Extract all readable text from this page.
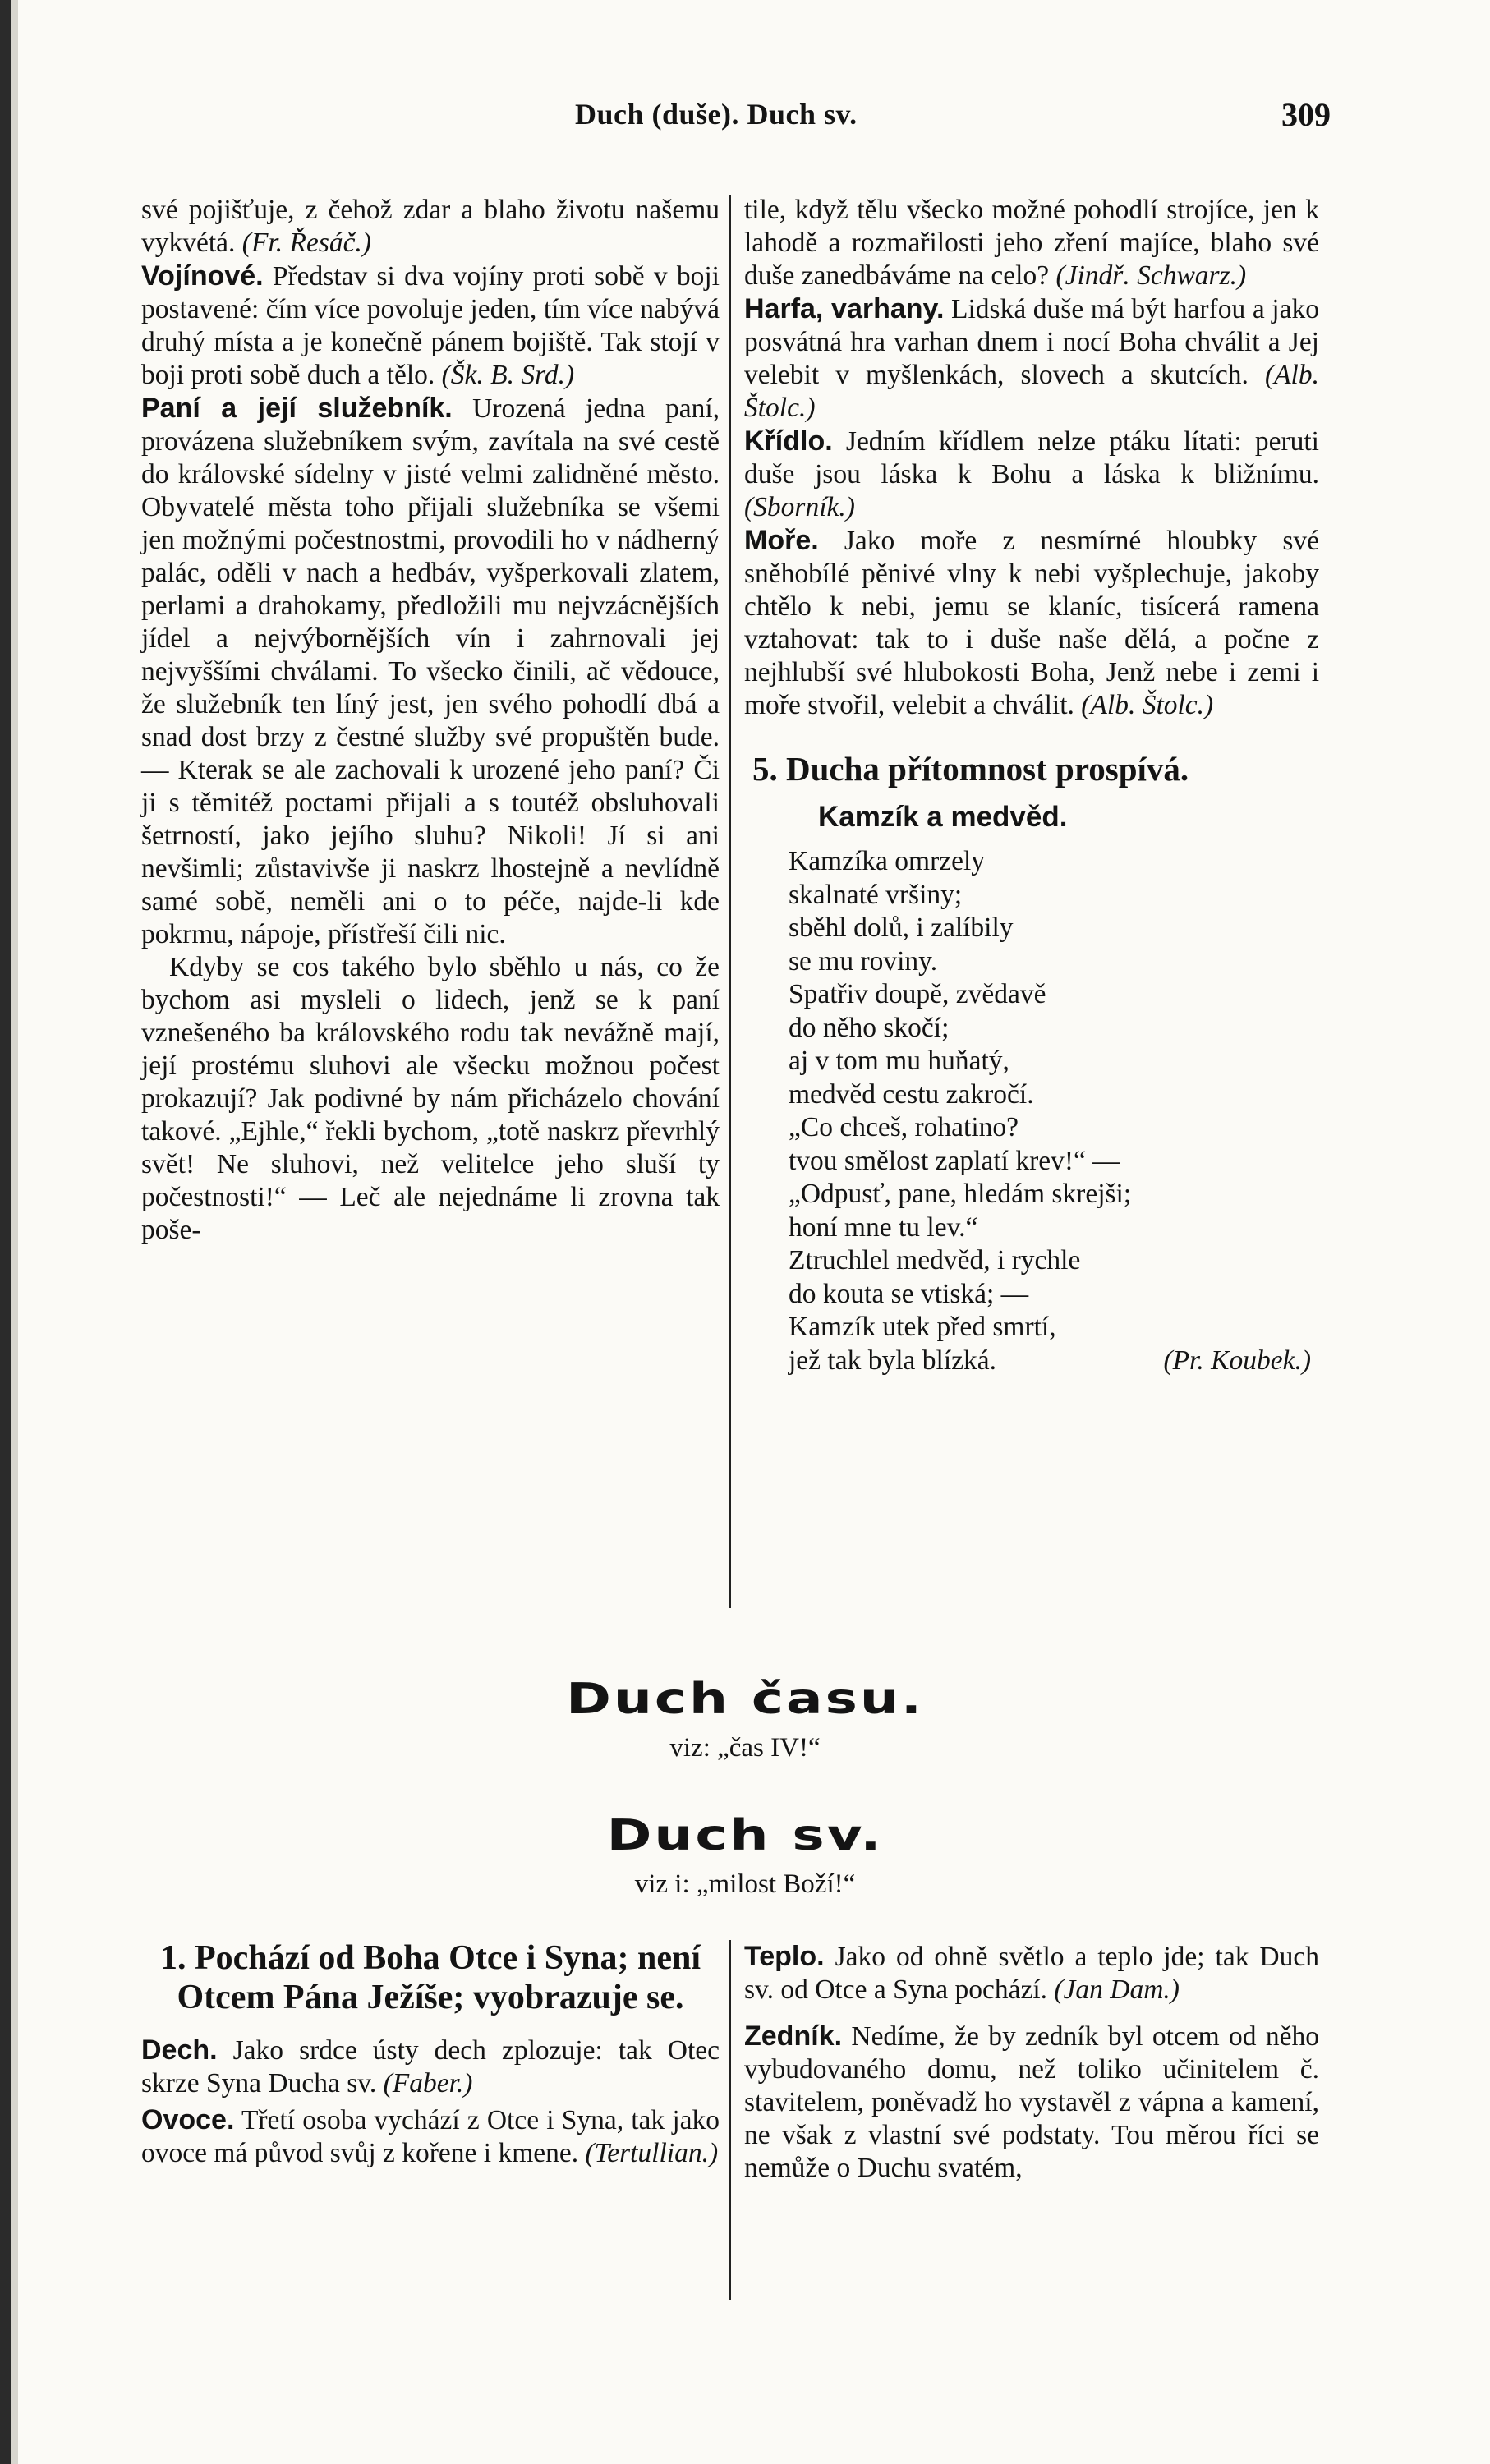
Duch (duše). Duch sv.	309

své pojišťuje, z čehož zdar a blaho životu našemu vykvétá. (Fr. Řesáč.)

Vojínové. Představ si dva vojíny proti sobě v boji postavené: čím více povoluje jeden, tím více nabývá druhý místa a je konečně pánem bojiště. Tak stojí v boji proti sobě duch a tělo. (Šk. B. Srd.)

Paní a její služebník. Urozená jedna paní, provázena služebníkem svým, zavítala na své cestě do královské sídelny v jisté velmi zalidněné město. Obyvatelé města toho přijali služebníka se všemi jen možnými počestnostmi, provodili ho v nádherný palác, oděli v nach a hedbáv, vyšperkovali zlatem, perlami a drahokamy, předložili mu nejvzácnějších jídel a nejvýbornějších vín i zahrnovali jej nejvyššími chválami. To všecko činili, ač vědouce, že služebník ten líný jest, jen svého pohodlí dbá a snad dost brzy z čestné služby své propuštěn bude. — Kterak se ale zachovali k urozené jeho paní? Či ji s těmitéž poctami přijali a s toutéž obsluhovali šetrností, jako jejího sluhu? Nikoli! Jí si ani nevšimli; zůstavivše ji naskrz lhostejně a nevlídně samé sobě, neměli ani o to péče, najde-li kde pokrmu, nápoje, přístřeší čili nic.

Kdyby se cos takého bylo sběhlo u nás, co že bychom asi mysleli o lidech, jenž se k paní vznešeného ba královského rodu tak nevážně mají, její prostému sluhovi ale všecku možnou počest prokazují? Jak podivné by nám přicházelo chování takové. „Ejhle,“ řekli bychom, „totě naskrz převrhlý svět! Ne sluhovi, než velitelce jeho sluší ty počestnosti!“ — Leč ale nejednáme li zrovna tak poše-

tile, když tělu všecko možné pohodlí strojíce, jen k lahodě a rozmařilosti jeho zření majíce, blaho své duše zanedbáváme na celo? (Jindř. Schwarz.)

Harfa, varhany. Lidská duše má být harfou a jako posvátná hra varhan dnem i nocí Boha chválit a Jej velebit v myšlenkách, slovech a skutcích. (Alb. Štolc.)

Křídlo. Jedním křídlem nelze ptáku lítati: peruti duše jsou láska k Bohu a láska k bližnímu. (Sborník.)

Moře. Jako moře z nesmírné hloubky své sněhobílé pěnivé vlny k nebi vyšplechuje, jakoby chtělo k nebi, jemu se klaníc, tisícerá ramena vztahovat: tak to i duše naše dělá, a počne z nejhlubší své hlubokosti Boha, Jenž nebe i zemi i moře stvořil, velebit a chválit. (Alb. Štolc.)

5. Ducha přítomnost prospívá.
Kamzík a medvěd.

Kamzíka omrzely

skalnaté vršiny;

sběhl dolů, i zalíbily

se mu roviny.

Spatřiv doupě, zvědavě

do něho skočí;

aj v tom mu huňatý,

medvěd cestu zakročí.

„Co chceš, rohatino?

tvou smělost zaplatí krev!“ —

„Odpusť, pane, hledám skrejši;

honí mne tu lev.“

Ztruchlel medvěd, i rychle

do kouta se vtiská; —

Kamzík utek před smrtí,

jež tak byla blízká.	(Pr. Koubek.)

Duch času.
viz: „čas IV!“
Duch sv.
viz i: „milost Boží!“
1. Pochází od Boha Otce i Syna; není Otcem Pána Ježíše; vyobrazuje se.

Dech. Jako srdce ústy dech zplozuje: tak Otec skrze Syna Ducha sv. (Faber.)

Ovoce. Třetí osoba vychází z Otce i Syna, tak jako ovoce má původ svůj z kořene i kmene. (Tertullian.)

Teplo. Jako od ohně světlo a teplo jde; tak Duch sv. od Otce a Syna pochází. (Jan Dam.)

Zedník. Nedíme, že by zedník byl otcem od něho vybudovaného domu, než toliko učinitelem č. stavitelem, poněvadž ho vystavěl z vápna a kamení, ne však z vlastní své podstaty. Tou měrou říci se nemůže o Duchu svatém,
